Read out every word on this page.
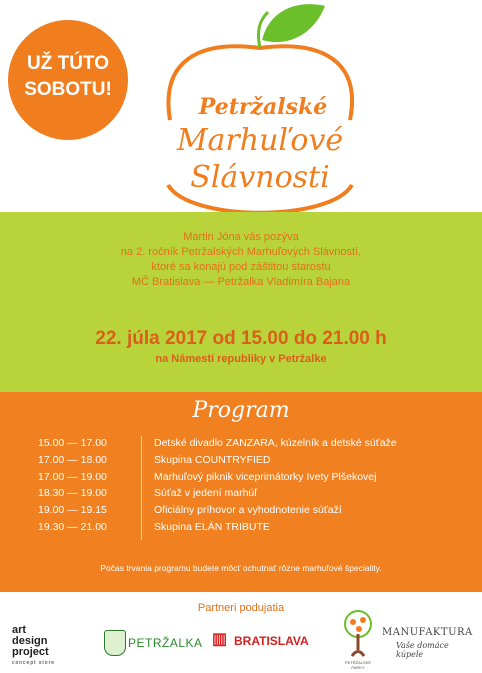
UŽ TÚTO
SOBOTU!
Petržalské
Marhuľové
Slávnosti
Martin Jóna vás pozýva
na 2. ročník Petržalských Marhuľových Slávností,
ktoré sa konajú pod záštitou starostu
MČ Bratislava — Petržalka Vladimíra Bajana
22. júla 2017 od 15.00 do 21.00 h
na Námestí republiky v Petržalke
Program
15.00 — 17.00	Detské divadlo ZANZARA, kúzelník a detské súťaže
17.00 — 18.00	Skupina COUNTRYFIED
17.00 — 19.00	Marhuľový piknik viceprimátorky Ivety Plšekovej
18.30 — 19.00	Súťaž v jedení marhúľ
19.00 — 19.15	Oficiálny príhovor a vyhodnotenie súťaží
19.30 — 21.00	Skupina ELÁN TRIBUTE
Počas trvania programu budete môcť ochutnať rôzne marhuľové špeciality.
Partneri podujatia
art
design
project
concept store
PETRŽALKA ▥ BRATISLAVA
PETRŽALSKÉ PARKY
MANUFAKTURA
Vaše domáce kúpele
